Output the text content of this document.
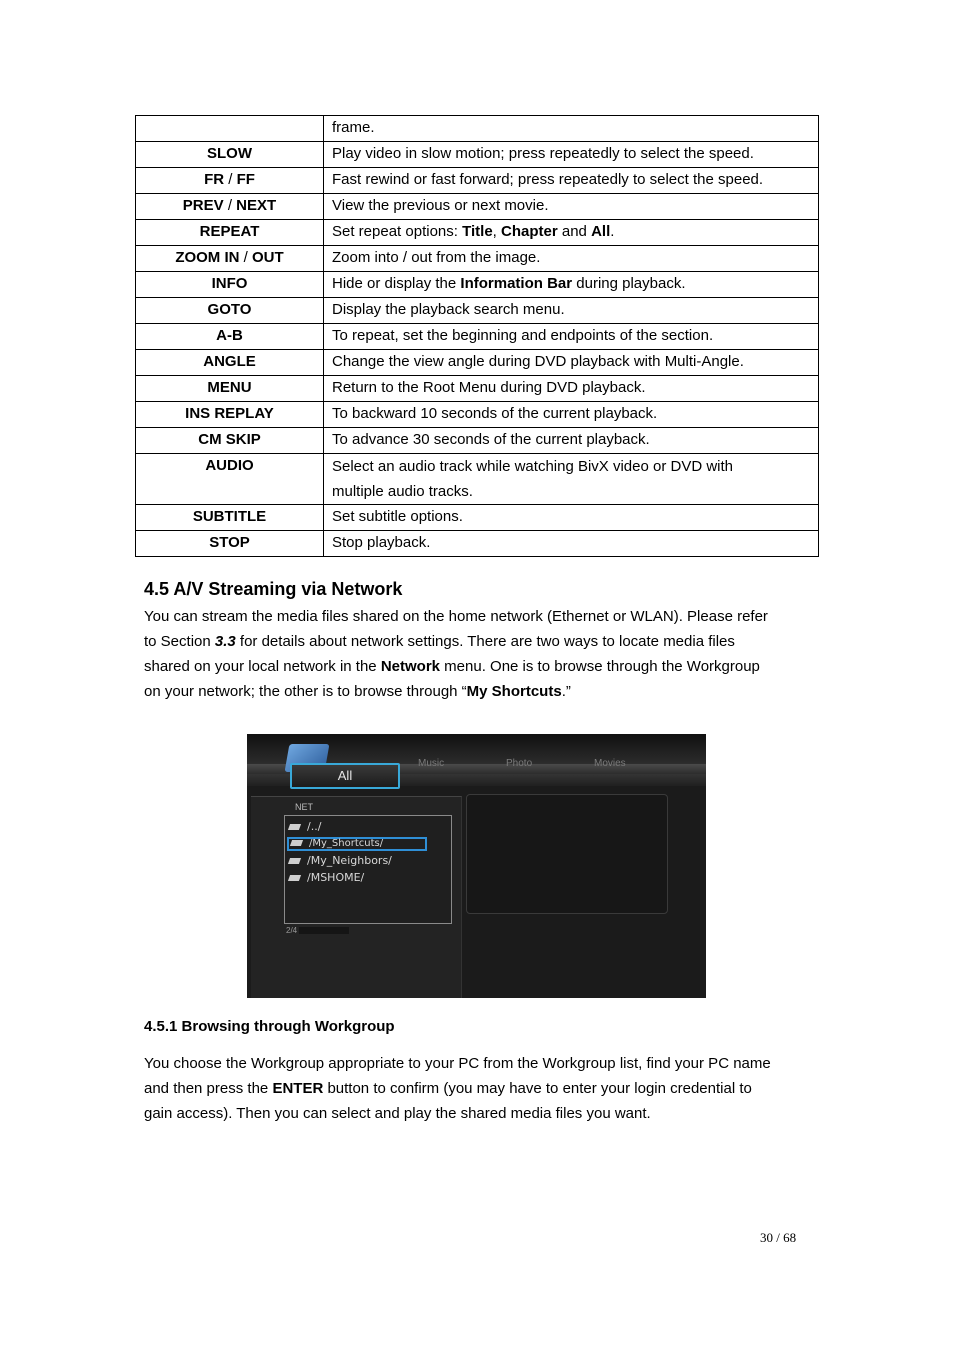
	frame.
SLOW	Play video in slow motion; press repeatedly to select the speed.
FR / FF	Fast rewind or fast forward; press repeatedly to select the speed.
PREV / NEXT	View the previous or next movie.
REPEAT	Set repeat options: Title, Chapter and All.
ZOOM IN / OUT	Zoom into / out from the image.
INFO	Hide or display the Information Bar during playback.
GOTO	Display the playback search menu.
A-B	To repeat, set the beginning and endpoints of the section.
ANGLE	Change the view angle during DVD playback with Multi-Angle.
MENU	Return to the Root Menu during DVD playback.
INS REPLAY	To backward 10 seconds of the current playback.
CM SKIP	To advance 30 seconds of the current playback.
AUDIO	Select an audio track while watching BivX video or DVD with
multiple audio tracks.

SUBTITLE	Set subtitle options.
STOP	Stop playback.
4.5 A/V Streaming via Network
You can stream the media files shared on the home network (Ethernet or WLAN). Please refer
to Section 3.3 for details about network settings. There are two ways to locate media files
shared on your local network in the Network menu. One is to browse through the Workgroup
on your network; the other is to browse through “My Shortcuts.”
All
Music	Photo	Movies
NET
/../
/My_Shortcuts/
/My_Neighbors/
/MSHOME/
2/4
4.5.1 Browsing through Workgroup
You choose the Workgroup appropriate to your PC from the Workgroup list, find your PC name
and then press the ENTER button to confirm (you may have to enter your login credential to
gain access). Then you can select and play the shared media files you want.
30 / 68
